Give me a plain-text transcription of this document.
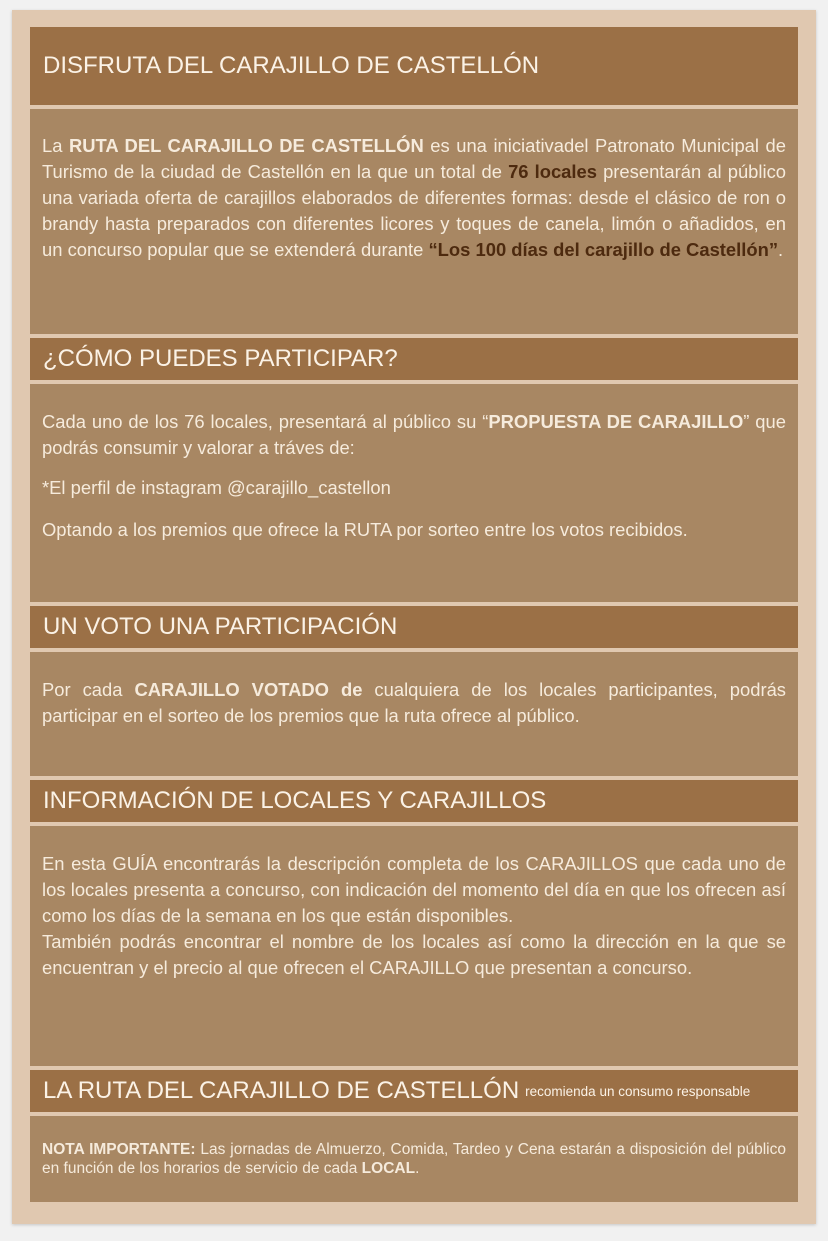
DISFRUTA DEL CARAJILLO DE CASTELLÓN

La RUTA DEL CARAJILLO DE CASTELLÓN es una iniciativadel Patronato Municipal de Turismo de la ciudad de Castellón en la que un total de 76 locales presentarán al público una variada oferta de carajillos elaborados de diferentes formas: desde el clásico de ron o brandy hasta preparados con diferentes licores y toques de canela, limón o añadidos, en un concurso popular que se extenderá durante “Los 100 días del carajillo de Castellón”.

¿CÓMO PUEDES PARTICIPAR?

Cada uno de los 76 locales, presentará al público su “PROPUESTA DE CARAJILLO” que podrás consumir y valorar a tráves de:

*El perfil de instagram @carajillo_castellon

Optando a los premios que ofrece la RUTA por sorteo entre los votos recibidos.

UN VOTO UNA PARTICIPACIÓN

Por cada CARAJILLO VOTADO de cualquiera de los locales participantes, podrás participar en el sorteo de los premios que la ruta ofrece al público.

INFORMACIÓN DE LOCALES Y CARAJILLOS

En esta GUÍA encontrarás la descripción completa de los CARAJILLOS que cada uno de los locales presenta a concurso, con indicación del momento del día en que los ofrecen así como los días de la semana en los que están disponibles.

También podrás encontrar el nombre de los locales así como la dirección en la que se encuentran y el precio al que ofrecen el CARAJILLO que presentan a concurso.

LA RUTA DEL CARAJILLO DE CASTELLÓN recomienda un consumo responsable

NOTA IMPORTANTE: Las jornadas de Almuerzo, Comida, Tardeo y Cena estarán a disposición del público en función de los horarios de servicio de cada LOCAL.
